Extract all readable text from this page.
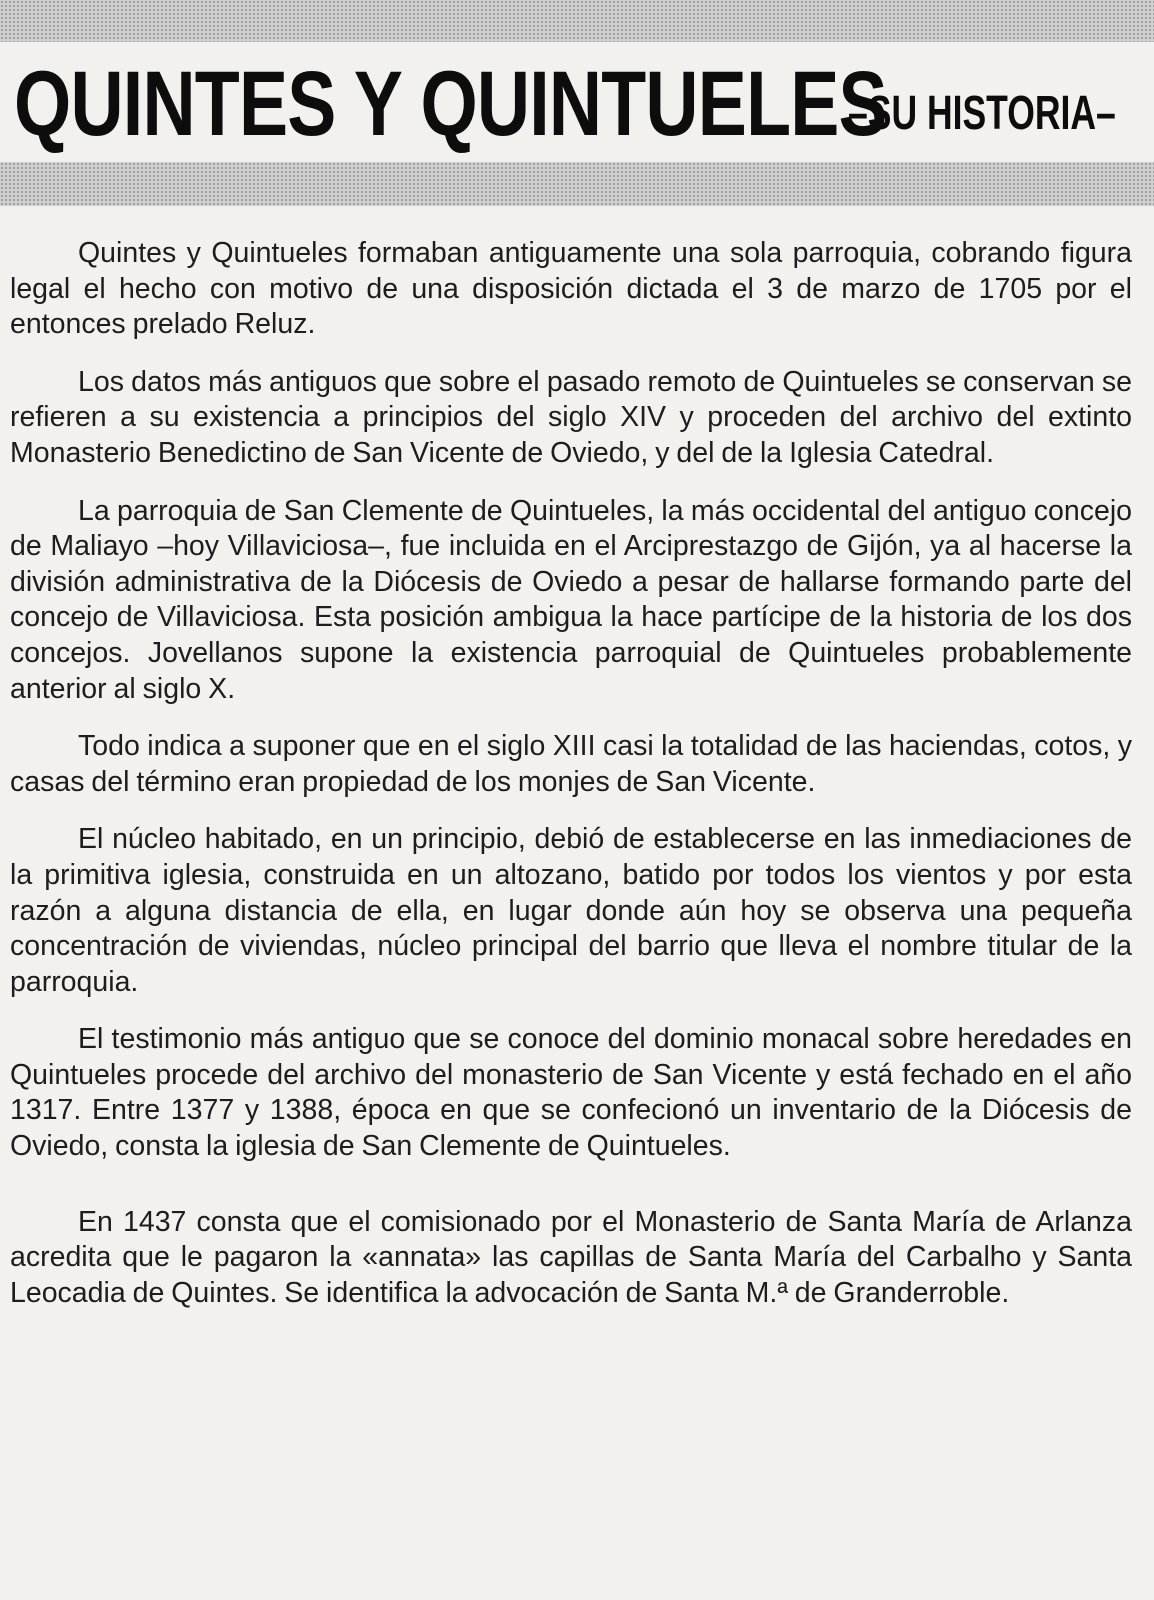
QUINTES Y QUINTUELES
–SU HISTORIA–

Quintes y Quintueles formaban antiguamente una sola parroquia, cobrando figura legal el hecho con motivo de una disposición dictada el 3 de marzo de 1705 por el entonces prelado Reluz.

Los datos más antiguos que sobre el pasado remoto de Quintueles se conservan se refieren a su existencia a principios del siglo XIV y proceden del archivo del extinto Monasterio Benedictino de San Vicente de Oviedo, y del de la Iglesia Catedral.

La parroquia de San Clemente de Quintueles, la más occidental del antiguo concejo de Maliayo –hoy Villaviciosa–, fue incluida en el Arciprestazgo de Gijón, ya al hacerse la división administrativa de la Diócesis de Oviedo a pesar de hallarse formando parte del concejo de Villaviciosa. Esta posición ambigua la hace partícipe de la historia de los dos concejos. Jovellanos supone la existencia parroquial de Quintueles probablemente anterior al siglo X.

Todo indica a suponer que en el siglo XIII casi la totalidad de las haciendas, cotos, y casas del término eran propiedad de los monjes de San Vicente.

El núcleo habitado, en un principio, debió de establecerse en las inmediaciones de la primitiva iglesia, construida en un altozano, batido por todos los vientos y por esta razón a alguna distancia de ella, en lugar donde aún hoy se observa una pequeña concentración de viviendas, núcleo principal del barrio que lleva el nombre titular de la parroquia.

El testimonio más antiguo que se conoce del dominio monacal sobre heredades en Quintueles procede del archivo del monasterio de San Vicente y está fechado en el año 1317. Entre 1377 y 1388, época en que se confecionó un inventario de la Diócesis de Oviedo, consta la iglesia de San Clemente de Quintueles.

En 1437 consta que el comisionado por el Monasterio de Santa María de Arlanza acredita que le pagaron la «annata» las capillas de Santa María del Carbalho y Santa Leocadia de Quintes. Se identifica la advocación de Santa M.ª de Granderroble.
